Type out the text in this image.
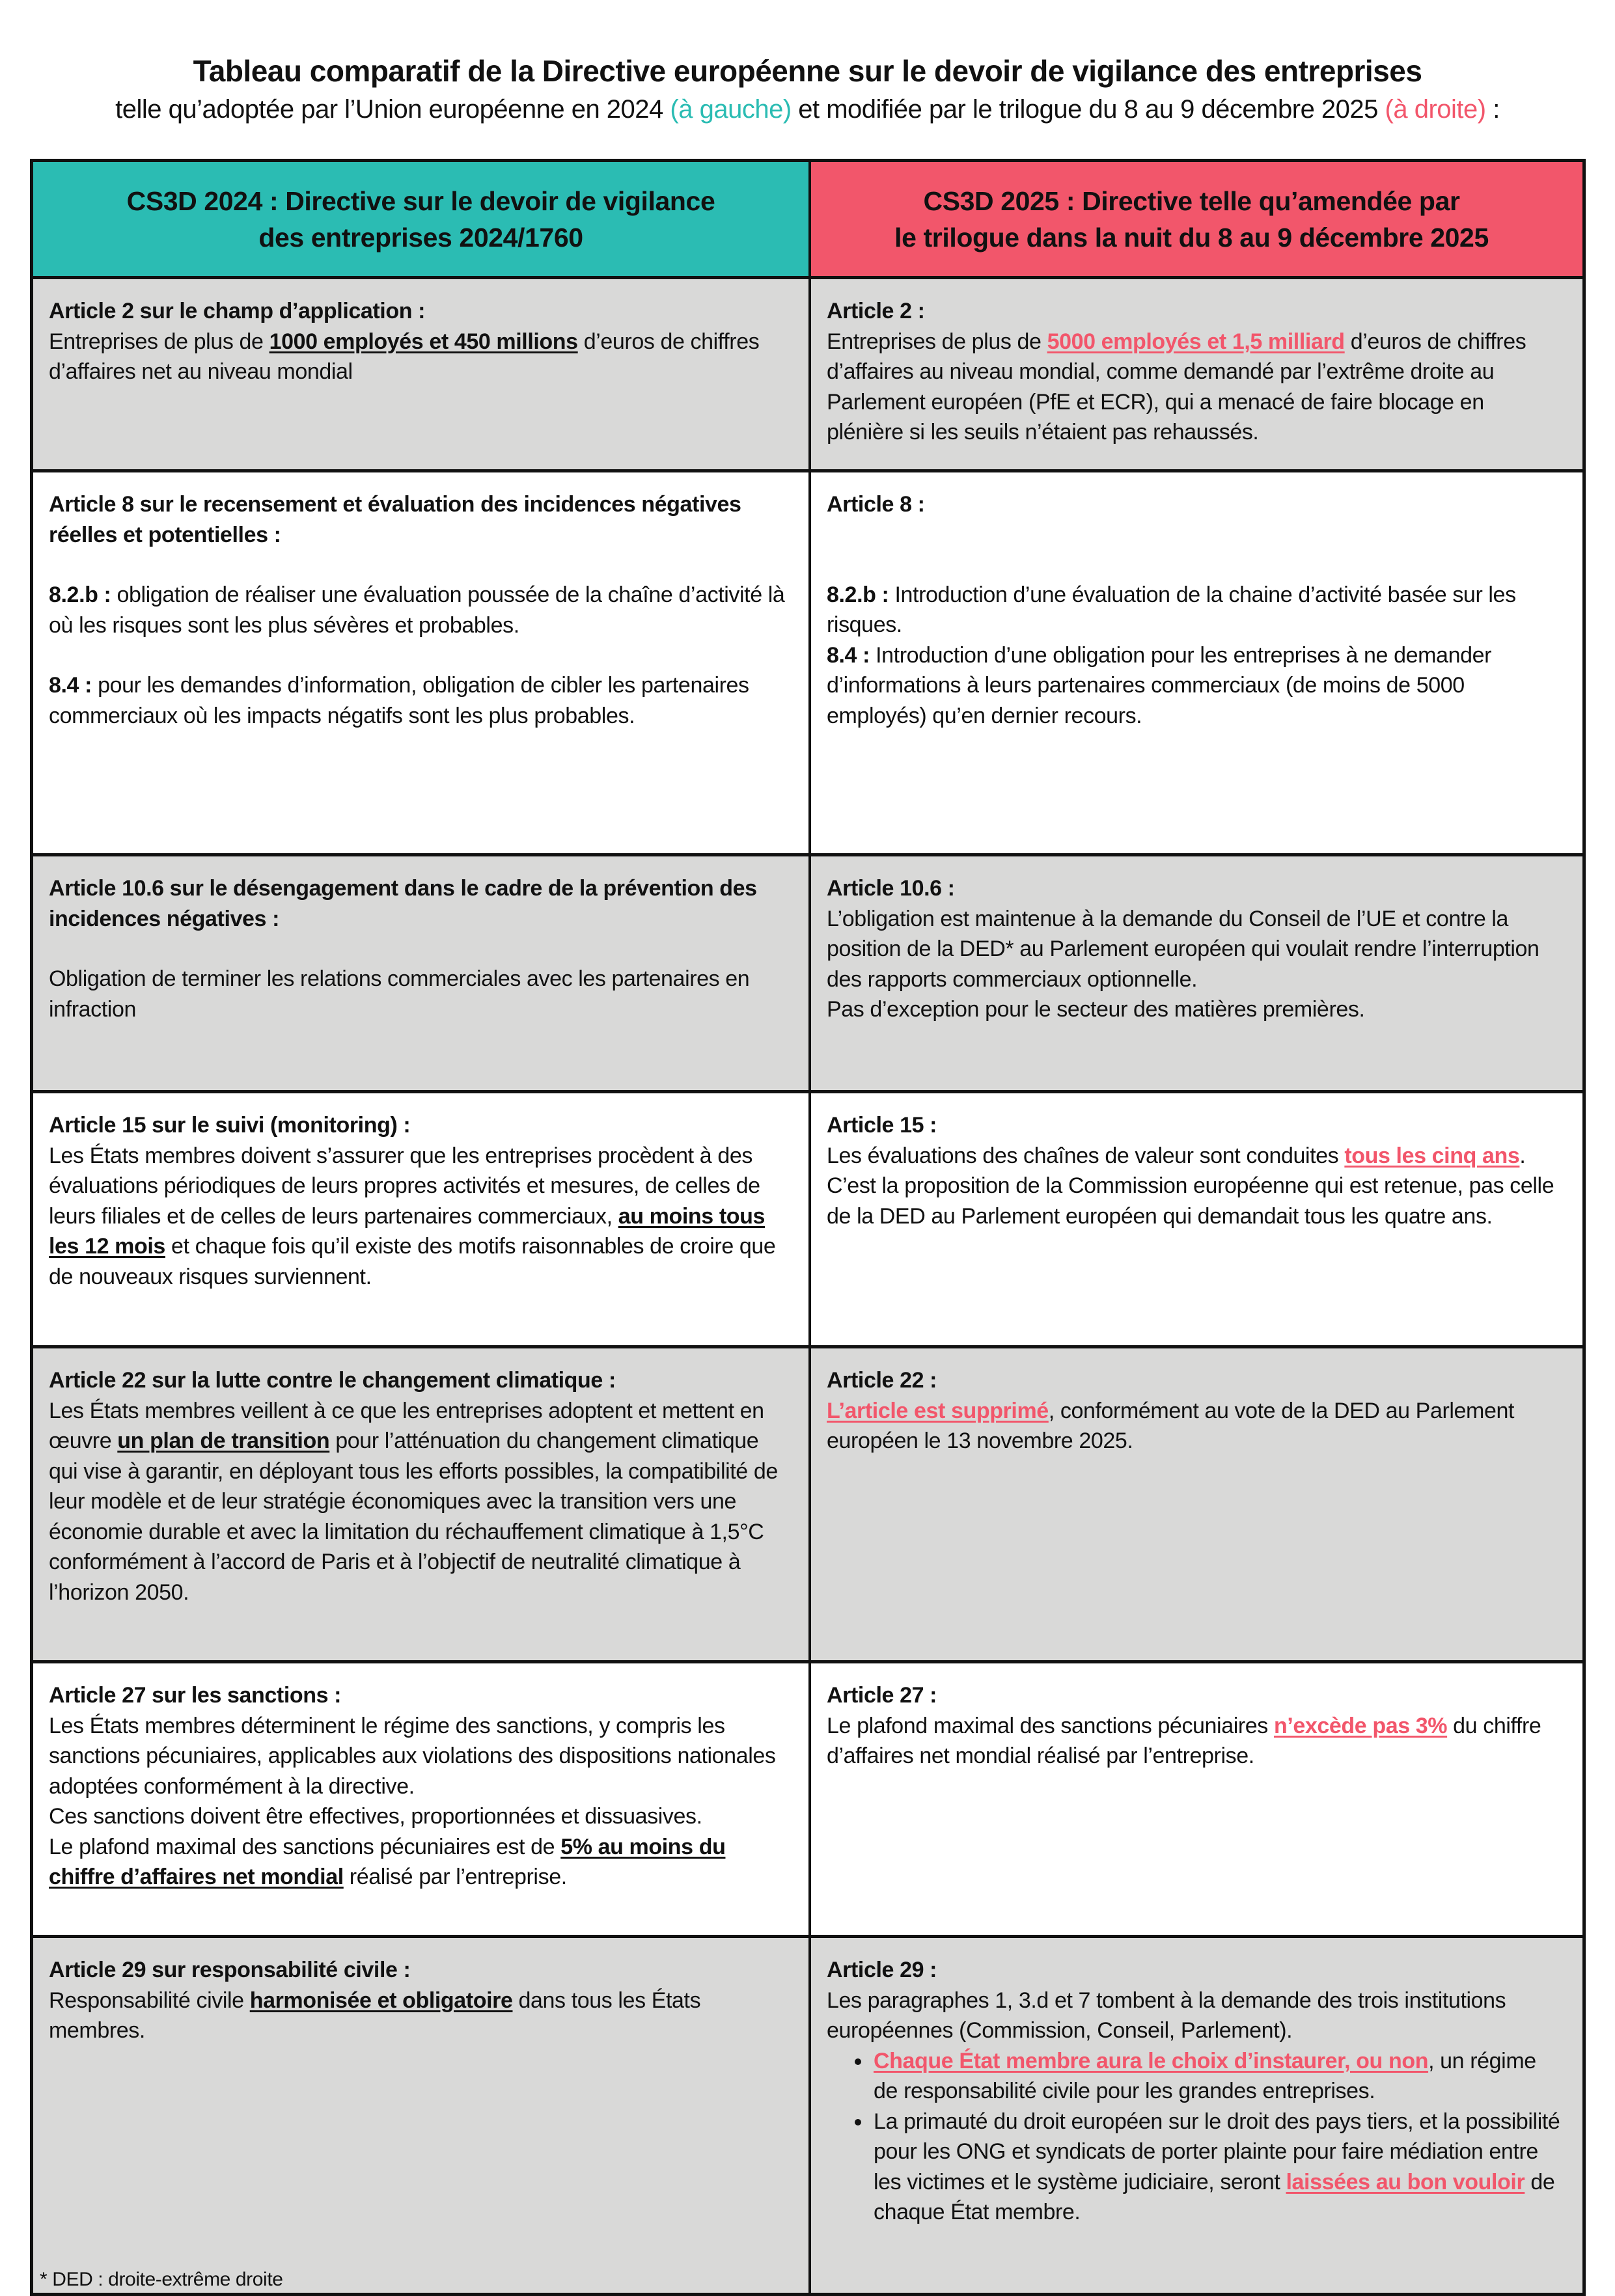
Tableau comparatif de la Directive européenne sur le devoir de vigilance des entreprises
telle qu’adoptée par l’Union européenne en 2024 (à gauche) et modifiée par le trilogue du 8 au 9 décembre 2025 (à droite) :
CS3D 2024 : Directive sur le devoir de vigilance
des entreprises 2024/1760
CS3D 2025 : Directive telle qu’amendée par
le trilogue dans la nuit du 8 au 9 décembre 2025
Article 2 sur le champ d’application :
Entreprises de plus de 1000 employés et 450 millions d’euros de chiffres d’affaires net au niveau mondial
Article 2 :
Entreprises de plus de 5000 employés et 1,5 milliard d’euros de chiffres d’affaires au niveau mondial, comme demandé par l’extrême droite au Parlement européen (PfE et ECR), qui a menacé de faire blocage en plénière si les seuils n’étaient pas rehaussés.
Article 8 sur le recensement et évaluation des incidences négatives réelles et potentielles :
8.2.b : obligation de réaliser une évaluation poussée de la chaîne d’activité là où les risques sont les plus sévères et probables.
8.4 : pour les demandes d’information, obligation de cibler les partenaires commerciaux où les impacts négatifs sont les plus probables.
Article 8 :
8.2.b : Introduction d’une évaluation de la chaine d’activité basée sur les risques.
8.4 : Introduction d’une obligation pour les entreprises à ne demander d’informations à leurs partenaires commerciaux (de moins de 5000 employés) qu’en dernier recours.
Article 10.6 sur le désengagement dans le cadre de la prévention des incidences négatives :
Obligation de terminer les relations commerciales avec les partenaires en infraction
Article 10.6 :
L’obligation est maintenue à la demande du Conseil de l’UE et contre la position de la DED* au Parlement européen qui voulait rendre l’interruption des rapports commerciaux optionnelle.
Pas d’exception pour le secteur des matières premières.
Article 15 sur le suivi (monitoring) :
Les États membres doivent s’assurer que les entreprises procèdent à des évaluations périodiques de leurs propres activités et mesures, de celles de leurs filiales et de celles de leurs partenaires commerciaux, au moins tous les 12 mois et chaque fois qu’il existe des motifs raisonnables de croire que de nouveaux risques surviennent.
Article 15 :
Les évaluations des chaînes de valeur sont conduites tous les cinq ans. C’est la proposition de la Commission européenne qui est retenue, pas celle de la DED au Parlement européen qui demandait tous les quatre ans.
Article 22 sur la lutte contre le changement climatique :
Les États membres veillent à ce que les entreprises adoptent et mettent en œuvre un plan de transition pour l’atténuation du changement climatique qui vise à garantir, en déployant tous les efforts possibles, la compatibilité de leur modèle et de leur stratégie économiques avec la transition vers une économie durable et avec la limitation du réchauffement climatique à 1,5°C conformément à l’accord de Paris et à l’objectif de neutralité climatique à l’horizon 2050.
Article 22 :
L’article est supprimé, conformément au vote de la DED au Parlement européen le 13 novembre 2025.
Article 27 sur les sanctions :
Les États membres déterminent le régime des sanctions, y compris les sanctions pécuniaires, applicables aux violations des dispositions nationales adoptées conformément à la directive.
Ces sanctions doivent être effectives, proportionnées et dissuasives.
Le plafond maximal des sanctions pécuniaires est de 5% au moins du chiffre d’affaires net mondial réalisé par l’entreprise.
Article 27 :
Le plafond maximal des sanctions pécuniaires n’excède pas 3% du chiffre d’affaires net mondial réalisé par l’entreprise.
Article 29 sur responsabilité civile :
Responsabilité civile harmonisée et obligatoire dans tous les États membres.
* DED : droite-extrême droite
Article 29 :
Les paragraphes 1, 3.d et 7 tombent à la demande des trois institutions européennes (Commission, Conseil, Parlement).
• Chaque État membre aura le choix d’instaurer, ou non, un régime de responsabilité civile pour les grandes entreprises.
• La primauté du droit européen sur le droit des pays tiers, et la possibilité pour les ONG et syndicats de porter plainte pour faire médiation entre les victimes et le système judiciaire, seront laissées au bon vouloir de chaque État membre.
